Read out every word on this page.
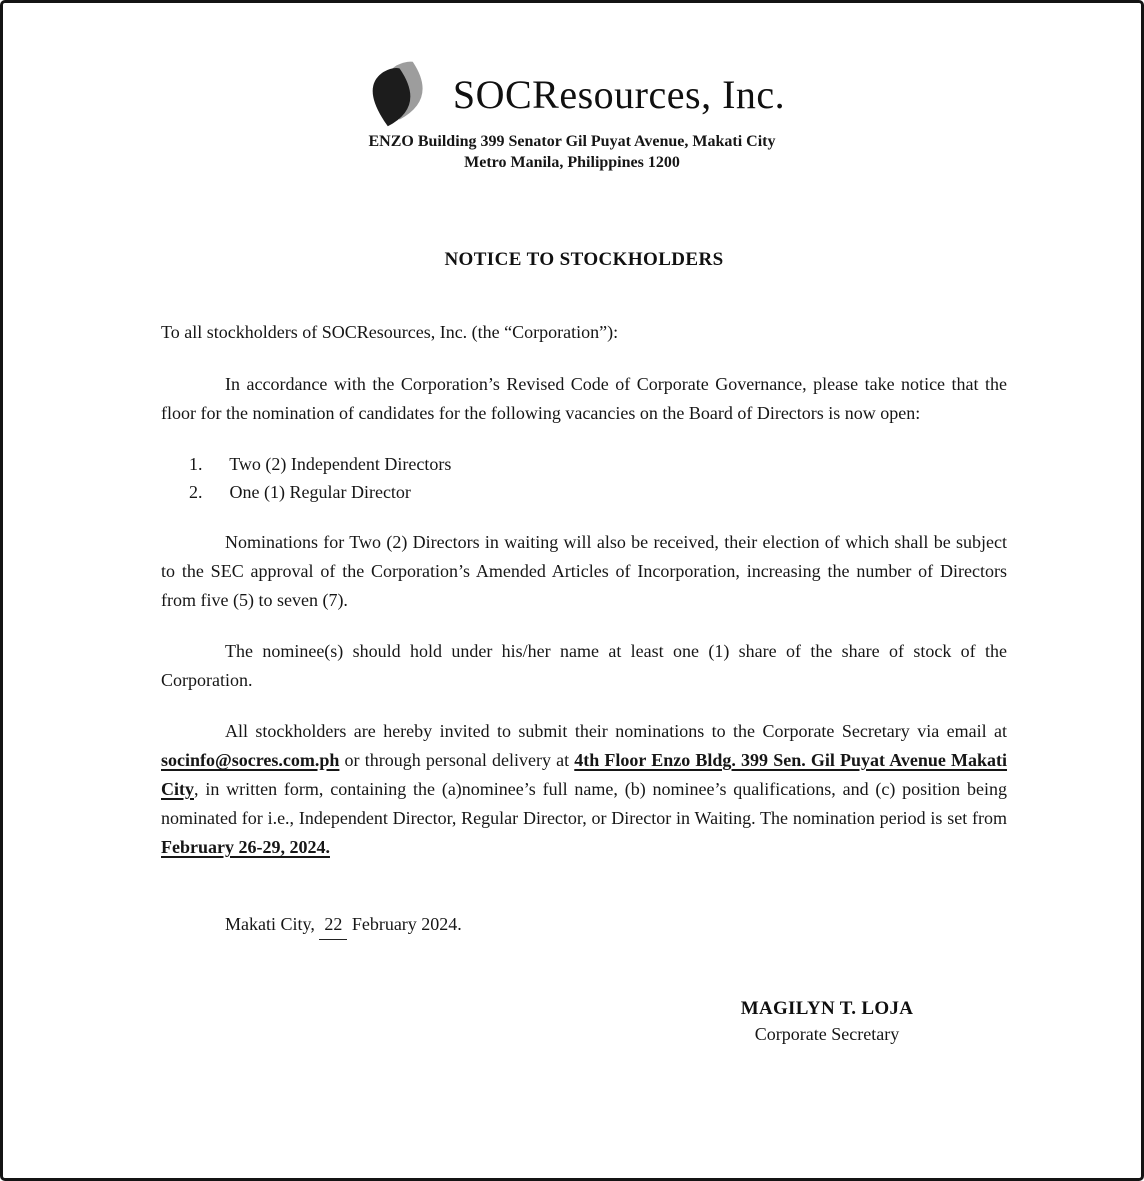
SOCResources, Inc.
ENZO Building 399 Senator Gil Puyat Avenue, Makati City
Metro Manila, Philippines 1200
NOTICE TO STOCKHOLDERS

To all stockholders of SOCResources, Inc. (the “Corporation”):

In accordance with the Corporation’s Revised Code of Corporate Governance, please take notice that the floor for the nomination of candidates for the following vacancies on the Board of Directors is now open:

1. Two (2) Independent Directors
2. One (1) Regular Director

Nominations for Two (2) Directors in waiting will also be received, their election of which shall be subject to the SEC approval of the Corporation’s Amended Articles of Incorporation, increasing the number of Directors from five (5) to seven (7).

The nominee(s) should hold under his/her name at least one (1) share of the share of stock of the Corporation.

All stockholders are hereby invited to submit their nominations to the Corporate Secretary via email at socinfo@socres.com.ph or through personal delivery at 4th Floor Enzo Bldg. 399 Sen. Gil Puyat Avenue Makati City, in written form, containing the (a)nominee’s full name, (b) nominee’s qualifications, and (c) position being nominated for i.e., Independent Director, Regular Director, or Director in Waiting. The nomination period is set from February 26-29, 2024.

Makati City, 22 February 2024.

MAGILYN T. LOJA
Corporate Secretary
